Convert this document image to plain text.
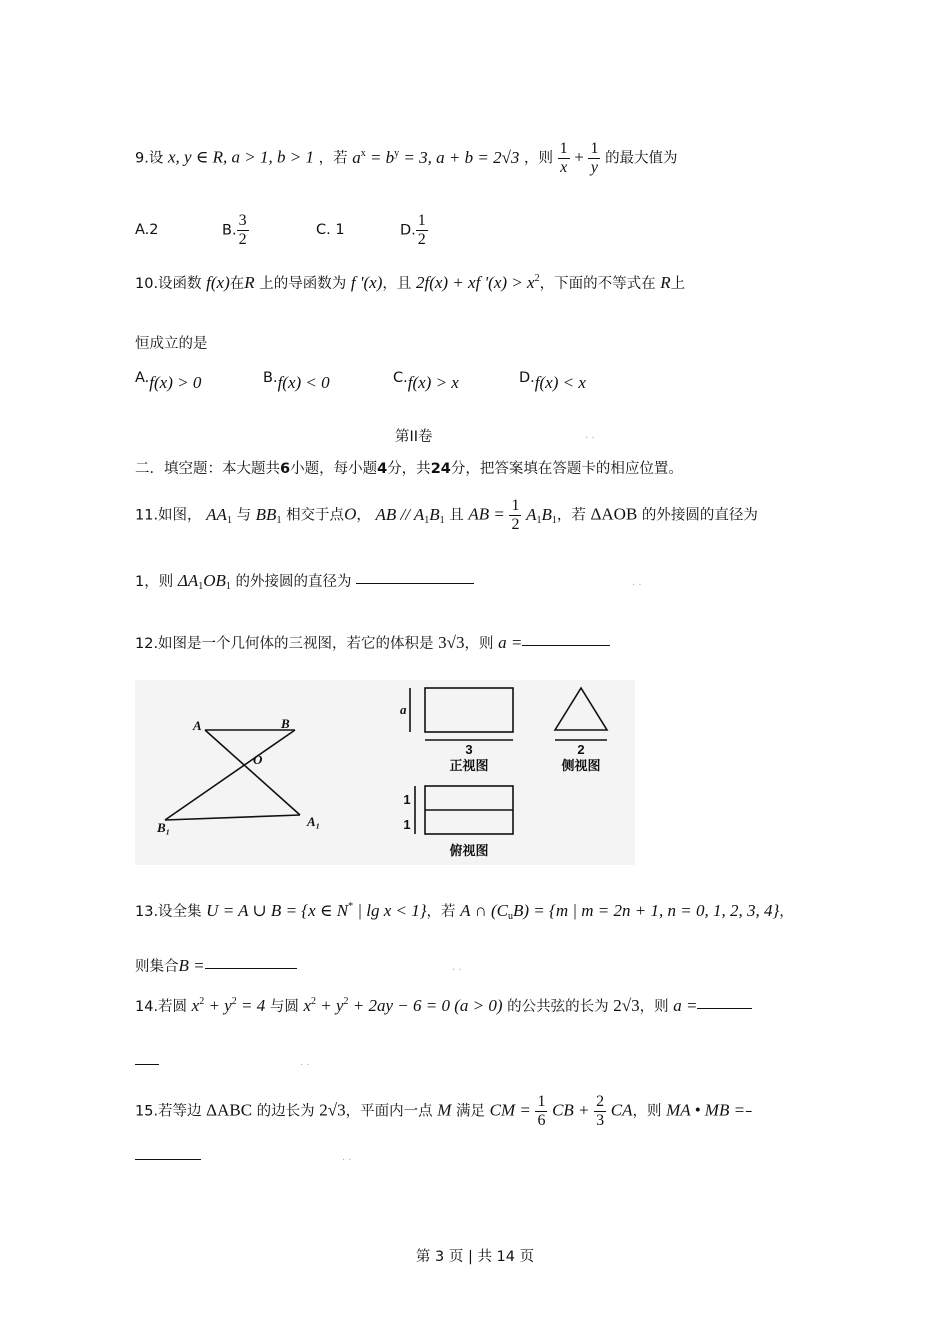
9.设 x, y ∈ R, a > 1, b > 1 ，若 $a^x = b^y = 3$, a + b = 2√3 ，则 $\frac{1}{x} + \frac{1}{y}$ 的最大值为
A.2	B. $\frac{3}{2}$	C. 1	D. $\frac{1}{2}$
10.设函数 f(x)在R 上的导函数为 f '(x)，且 2f(x) + xf '$(x) > x^2$，下面的不等式在 R上
恒成立的是
A.f(x) > 0	B.f(x) < 0	C.f(x) > x	D.f(x) < x
第II卷	. .
二．填空题：本大题共6小题，每小题4分，共24分，把答案填在答题卡的相应位置。
11.如图， $AA_1$ 与 $BB_1$ 相交于点O， AB // $A_1B_1$ 且 AB = $\frac{1}{2} A_1B_1$，若 ΔAOB 的外接圆的直径为
1，则 $\Delta A_1OB_1$ 的外接圆的直径为	. .
12.如图是一个几何体的三视图，若它的体积是 3√3，则 a =
A	B
O
B₁	A₁
a
3	2
1
1
正视图	侧视图
俯视图
13.设全集 U = A ∪ B = {x ∈ N* | lg x < 1}，若 A ∩ $(C_uB) = \{m$ | m = 2n + 1, n = 0, 1, 2, 3, 4}，
则集合B =	. .
14.若圆 $x^2 + y^2 = 4$ 与圆 $x^2 + y^2 + 2ay - 6 = 0$ (a > 0) 的公共弦的长为 2√3，则 a =
. .
15.若等边 ΔABC 的边长为 2√3，平面内一点 M 满足 CM = $\frac{1}{6}$ CB + $\frac{2}{3}$ CA，则 MA • MB =–
. .
第 3 页 | 共 14 页
